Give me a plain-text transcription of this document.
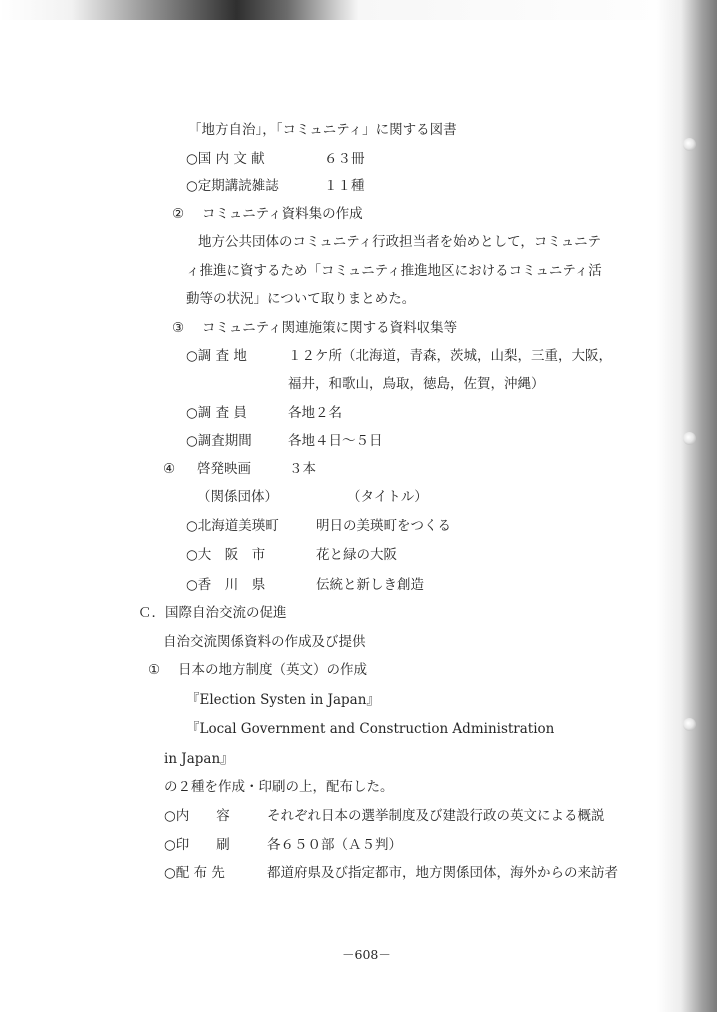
「地方自治」，「コミュニティ」に関する図書
○国 内 文 献	６３冊
○定期講読雑誌	１１種
② コミュニティ資料集の作成
地方公共団体のコミュニティ行政担当者を始めとして，コミュニテ
ィ推進に資するため「コミュニティ推進地区におけるコミュニティ活
動等の状況」について取りまとめた。
③ コミュニティ関連施策に関する資料収集等
○調 査 地	１２ケ所（北海道，青森，茨城，山梨，三重，大阪，
福井，和歌山，鳥取，徳島，佐賀，沖縄）
○調 査 員	各地２名
○調査期間	各地４日～５日
④ 啓発映画	３本
（関係団体）	（タイトル）
○北海道美瑛町	明日の美瑛町をつくる
○大　阪　市	花と緑の大阪
○香　川　県	伝統と新しき創造
Ｃ．国際自治交流の促進
自治交流関係資料の作成及び提供
① 日本の地方制度（英文）の作成
『Election Systen in Japan』
『Local Government and Construction Administration
in Japan』
の２種を作成・印刷の上，配布した。
○内　　容	それぞれ日本の選挙制度及び建設行政の英文による概説
○印　　刷	各６５０部（Ａ５判）
○配 布 先	都道府県及び指定都市，地方関係団体，海外からの来訪者
－608－
